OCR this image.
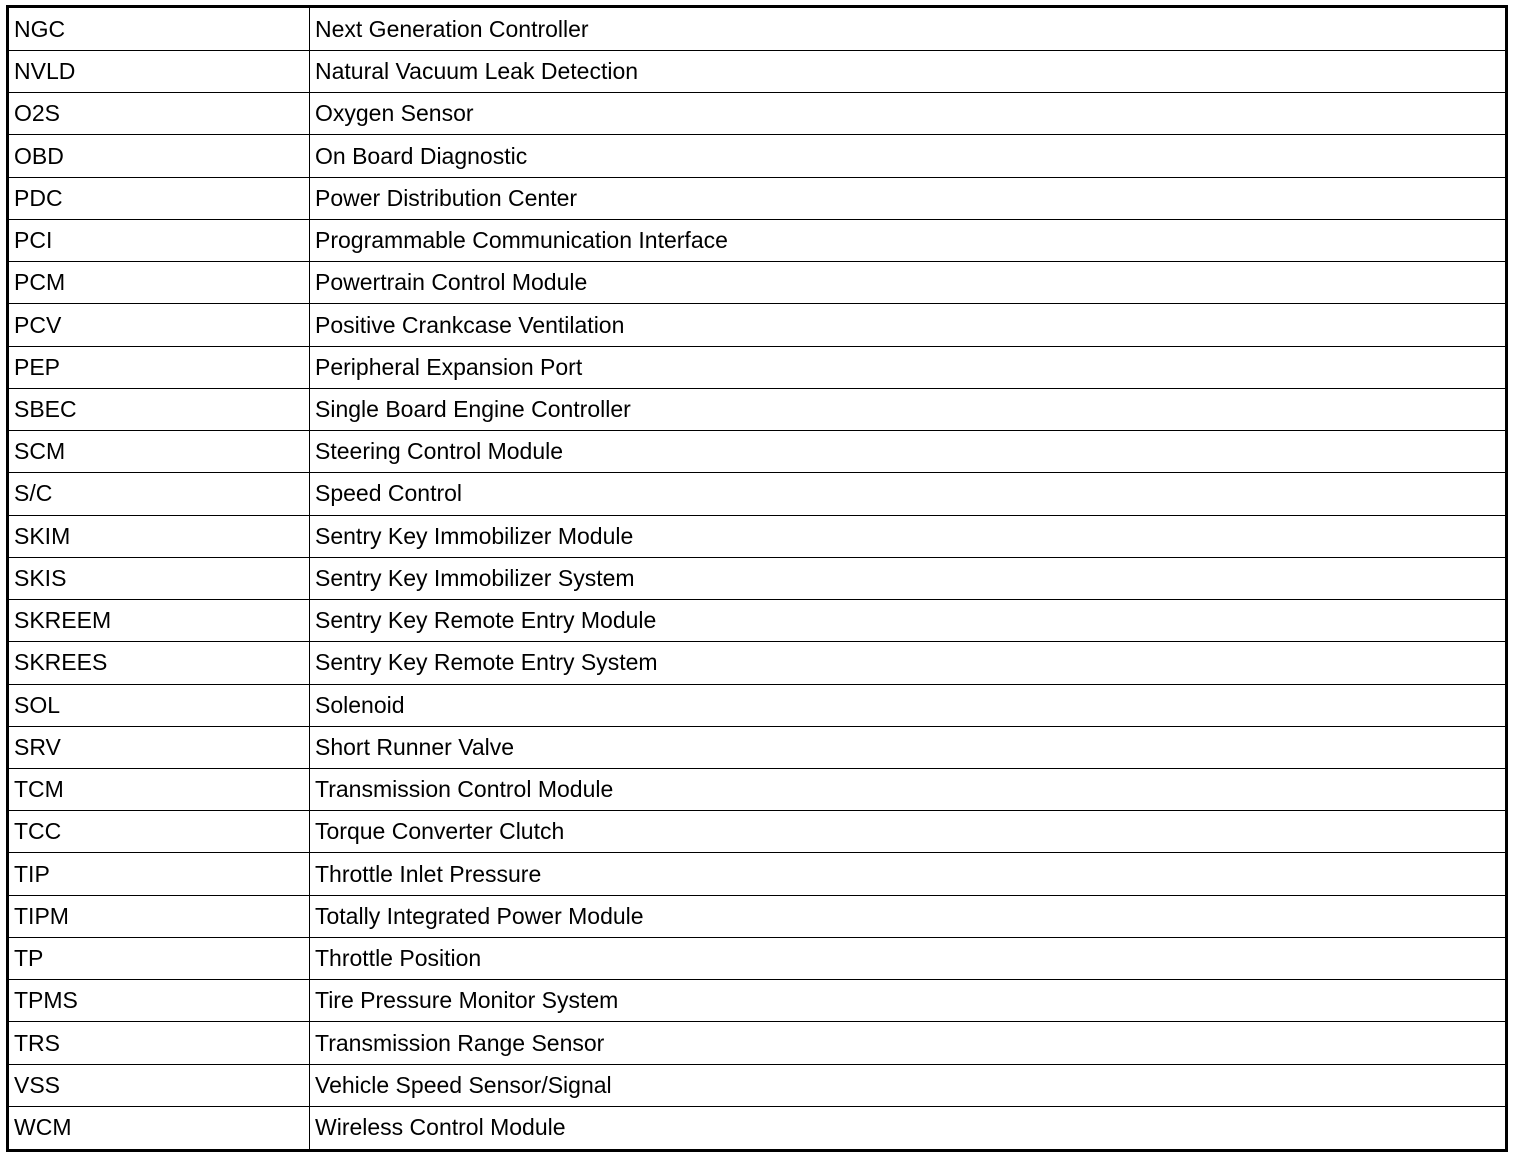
NGC	Next Generation Controller
NVLD	Natural Vacuum Leak Detection
O2S	Oxygen Sensor
OBD	On Board Diagnostic
PDC	Power Distribution Center
PCI	Programmable Communication Interface
PCM	Powertrain Control Module
PCV	Positive Crankcase Ventilation
PEP	Peripheral Expansion Port
SBEC	Single Board Engine Controller
SCM	Steering Control Module
S/C	Speed Control
SKIM	Sentry Key Immobilizer Module
SKIS	Sentry Key Immobilizer System
SKREEM	Sentry Key Remote Entry Module
SKREES	Sentry Key Remote Entry System
SOL	Solenoid
SRV	Short Runner Valve
TCM	Transmission Control Module
TCC	Torque Converter Clutch
TIP	Throttle Inlet Pressure
TIPM	Totally Integrated Power Module
TP	Throttle Position
TPMS	Tire Pressure Monitor System
TRS	Transmission Range Sensor
VSS	Vehicle Speed Sensor/Signal
WCM	Wireless Control Module
